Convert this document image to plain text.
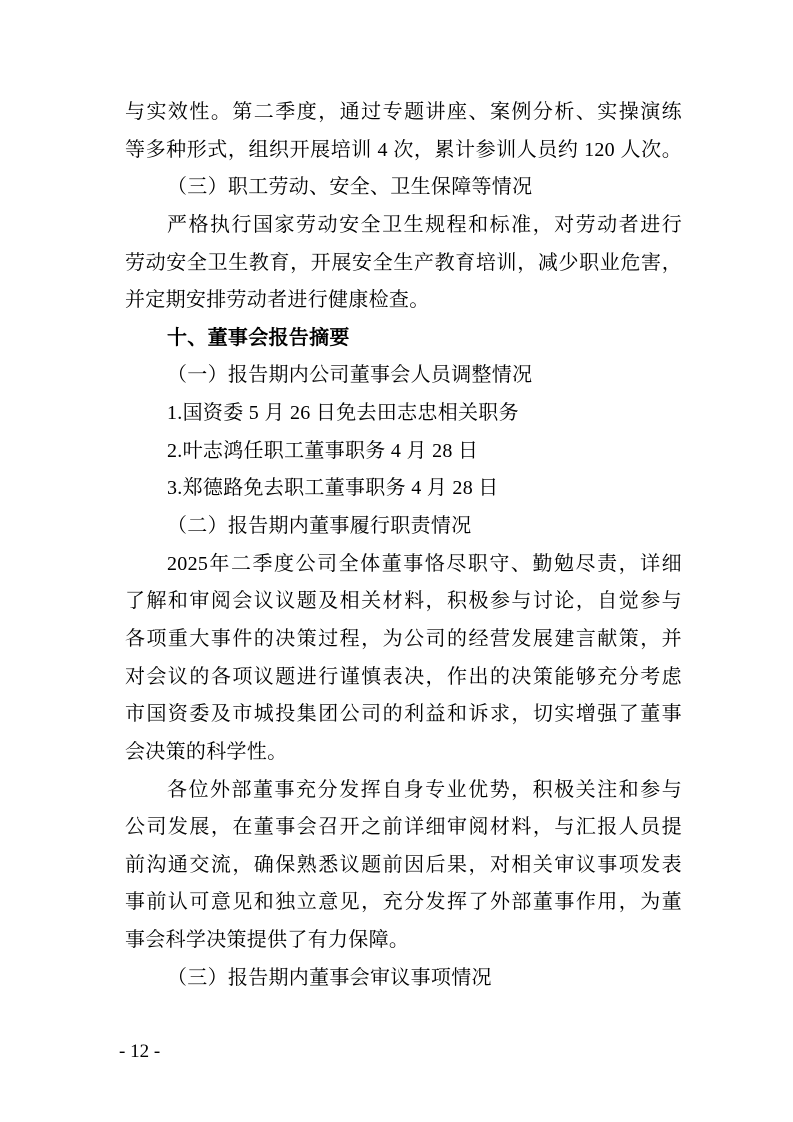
与实效性。第二季度，通过专题讲座、案例分析、实操演练
等多种形式，组织开展培训 4 次，累计参训人员约 120 人次。
（三）职工劳动、安全、卫生保障等情况
严格执行国家劳动安全卫生规程和标准，对劳动者进行
劳动安全卫生教育，开展安全生产教育培训，减少职业危害，
并定期安排劳动者进行健康检查。
十、董事会报告摘要
（一）报告期内公司董事会人员调整情况
1.国资委 5 月 26 日免去田志忠相关职务
2.叶志鸿任职工董事职务 4 月 28 日
3.郑德路免去职工董事职务 4 月 28 日
（二）报告期内董事履行职责情况
2025年二季度公司全体董事恪尽职守、勤勉尽责，详细
了解和审阅会议议题及相关材料，积极参与讨论，自觉参与
各项重大事件的决策过程，为公司的经营发展建言献策，并
对会议的各项议题进行谨慎表决，作出的决策能够充分考虑
市国资委及市城投集团公司的利益和诉求，切实增强了董事
会决策的科学性。
各位外部董事充分发挥自身专业优势，积极关注和参与
公司发展，在董事会召开之前详细审阅材料，与汇报人员提
前沟通交流，确保熟悉议题前因后果，对相关审议事项发表
事前认可意见和独立意见，充分发挥了外部董事作用，为董
事会科学决策提供了有力保障。
（三）报告期内董事会审议事项情况
- 12 -
